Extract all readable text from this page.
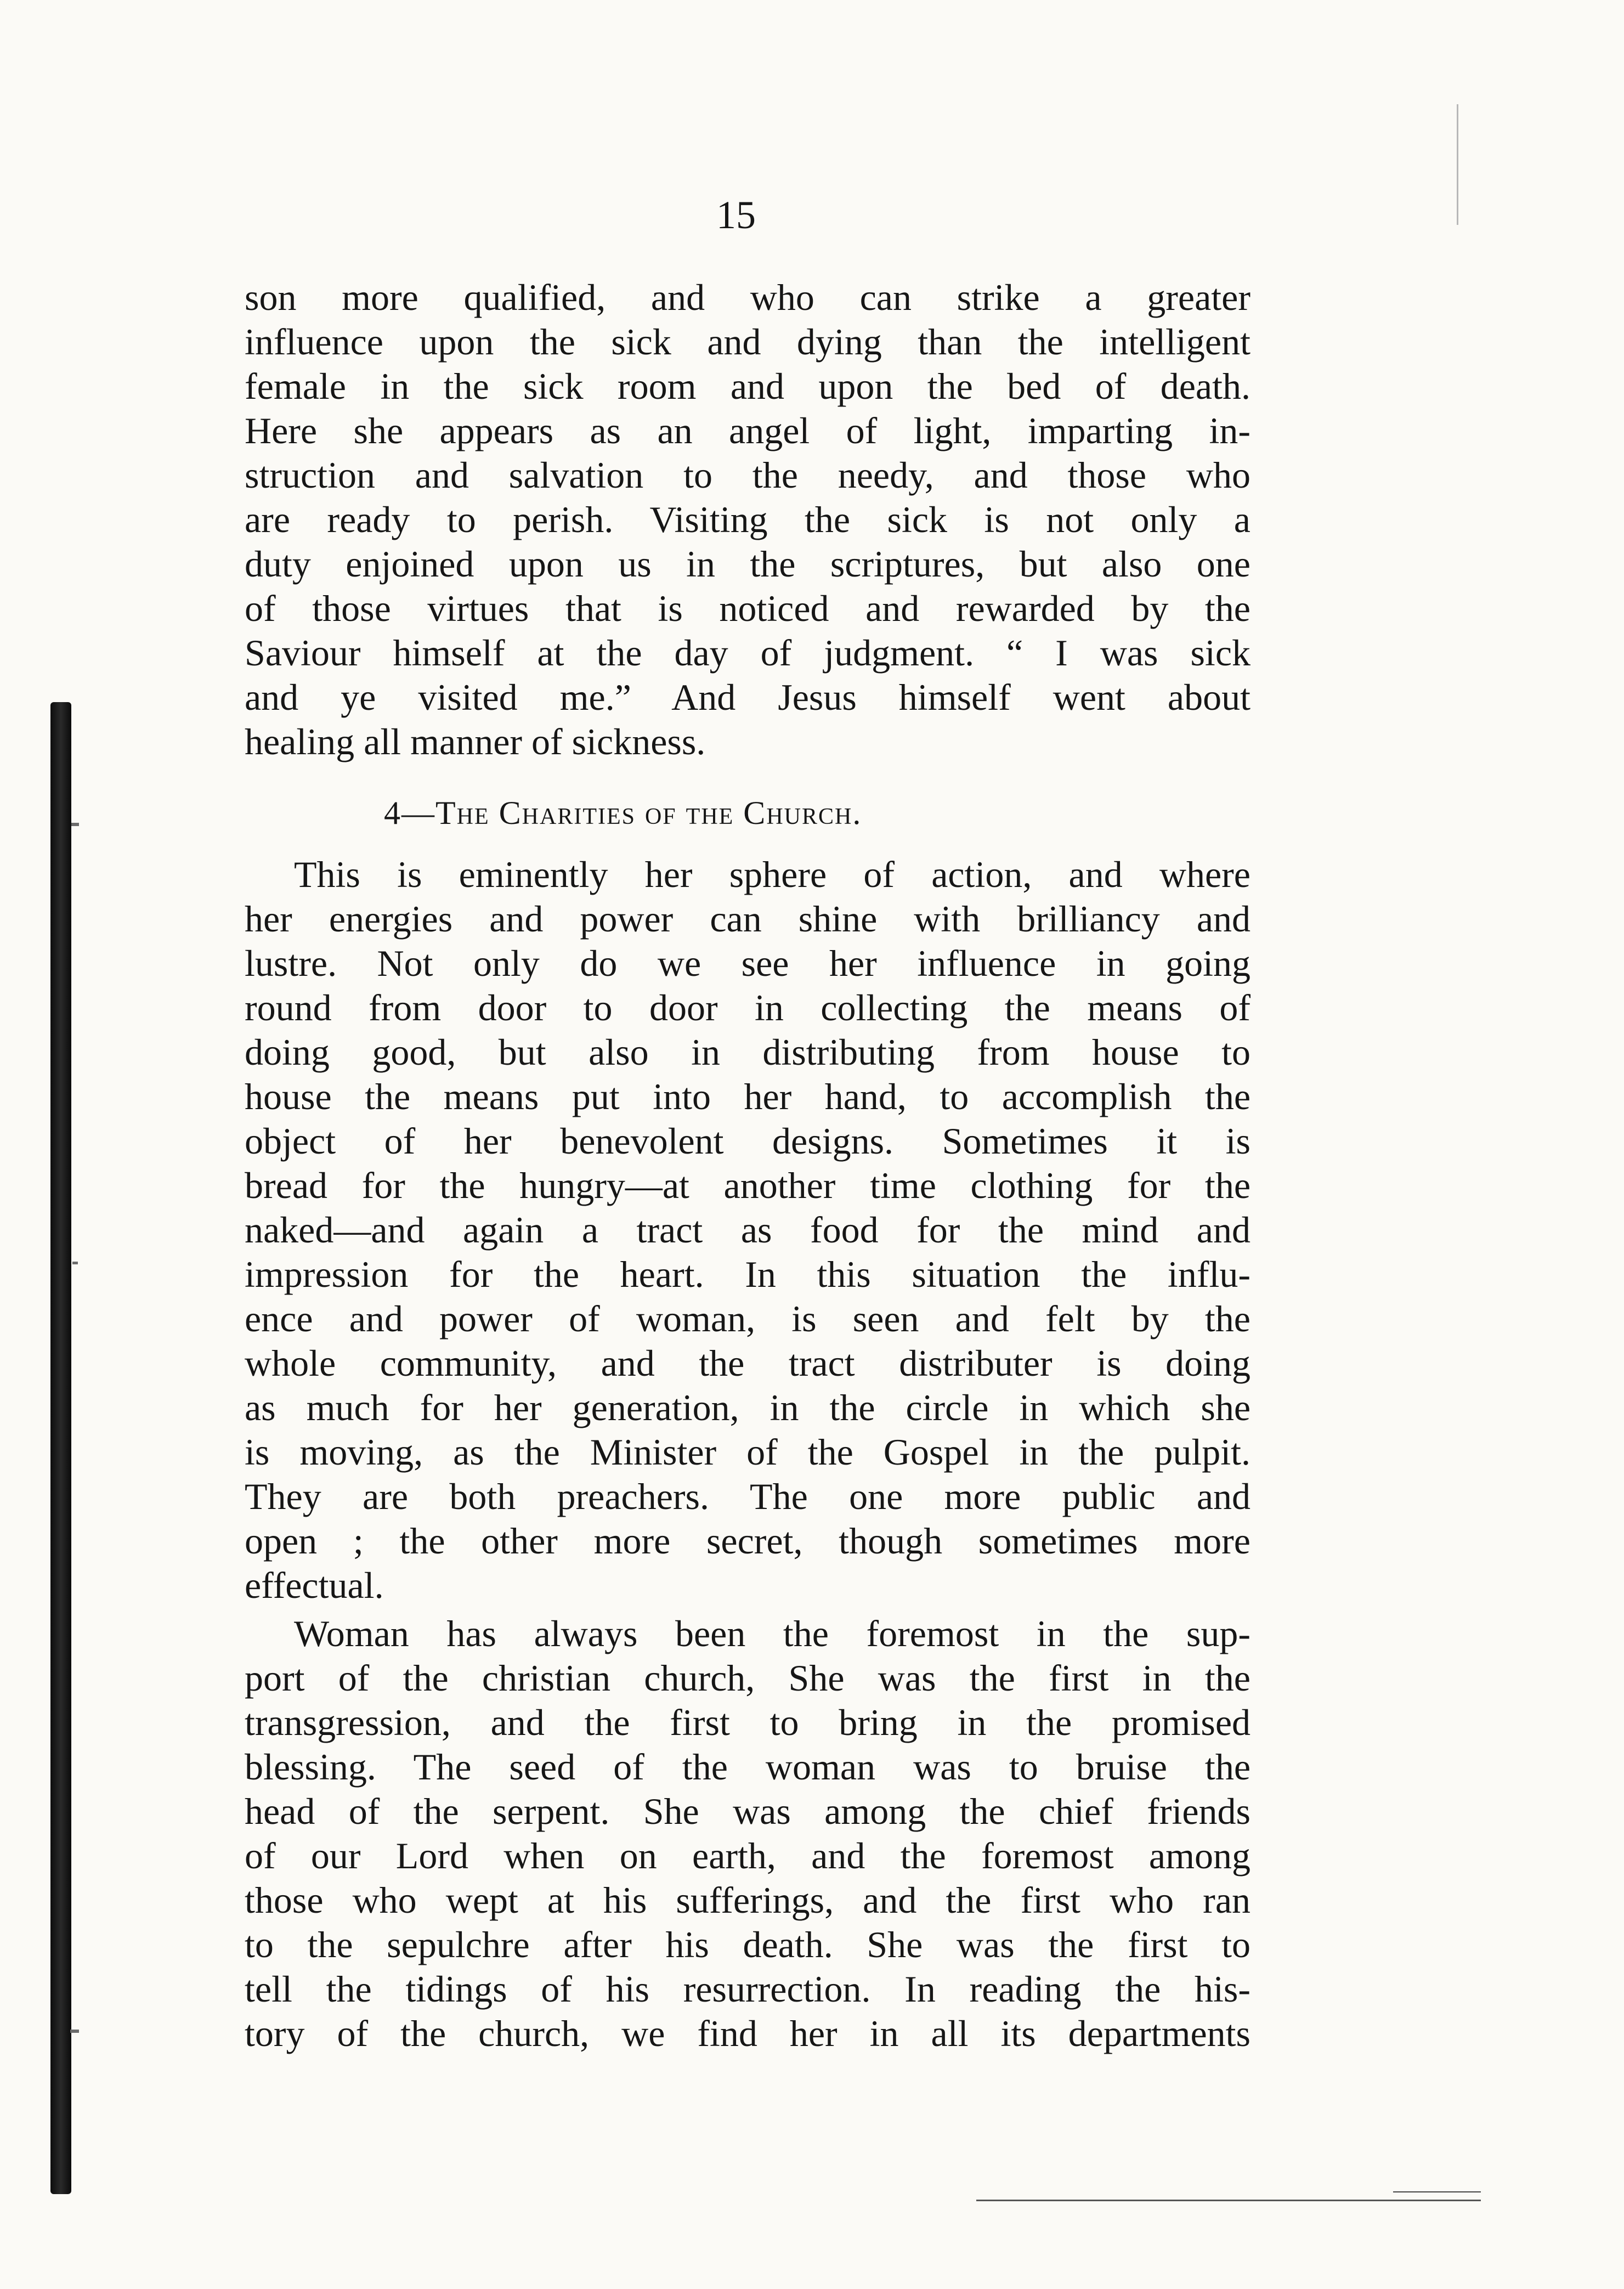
15
son more qualified, and who can strike a greater
influence upon the sick and dying than the intelligent
female in the sick room and upon the bed of death.
Here she appears as an angel of light, imparting in-
struction and salvation to the needy, and those who
are ready to perish. Visiting the sick is not only a
duty enjoined upon us in the scriptures, but also one
of those virtues that is noticed and rewarded by the
Saviour himself at the day of judgment. “ I was sick
and ye visited me.” And Jesus himself went about
healing all manner of sickness.
4—The Charities of the Church.
This is eminently her sphere of action, and where
her energies and power can shine with brilliancy and
lustre. Not only do we see her influence in going
round from door to door in collecting the means of
doing good, but also in distributing from house to
house the means put into her hand, to accomplish the
object of her benevolent designs. Sometimes it is
bread for the hungry—at another time clothing for the
naked—and again a tract as food for the mind and
impression for the heart. In this situation the influ-
ence and power of woman, is seen and felt by the
whole community, and the tract distributer is doing
as much for her generation, in the circle in which she
is moving, as the Minister of the Gospel in the pulpit.
They are both preachers. The one more public and
open ; the other more secret, though sometimes more
effectual.
Woman has always been the foremost in the sup-
port of the christian church, She was the first in the
transgression, and the first to bring in the promised
blessing. The seed of the woman was to bruise the
head of the serpent. She was among the chief friends
of our Lord when on earth, and the foremost among
those who wept at his sufferings, and the first who ran
to the sepulchre after his death. She was the first to
tell the tidings of his resurrection. In reading the his-
tory of the church, we find her in all its departments
